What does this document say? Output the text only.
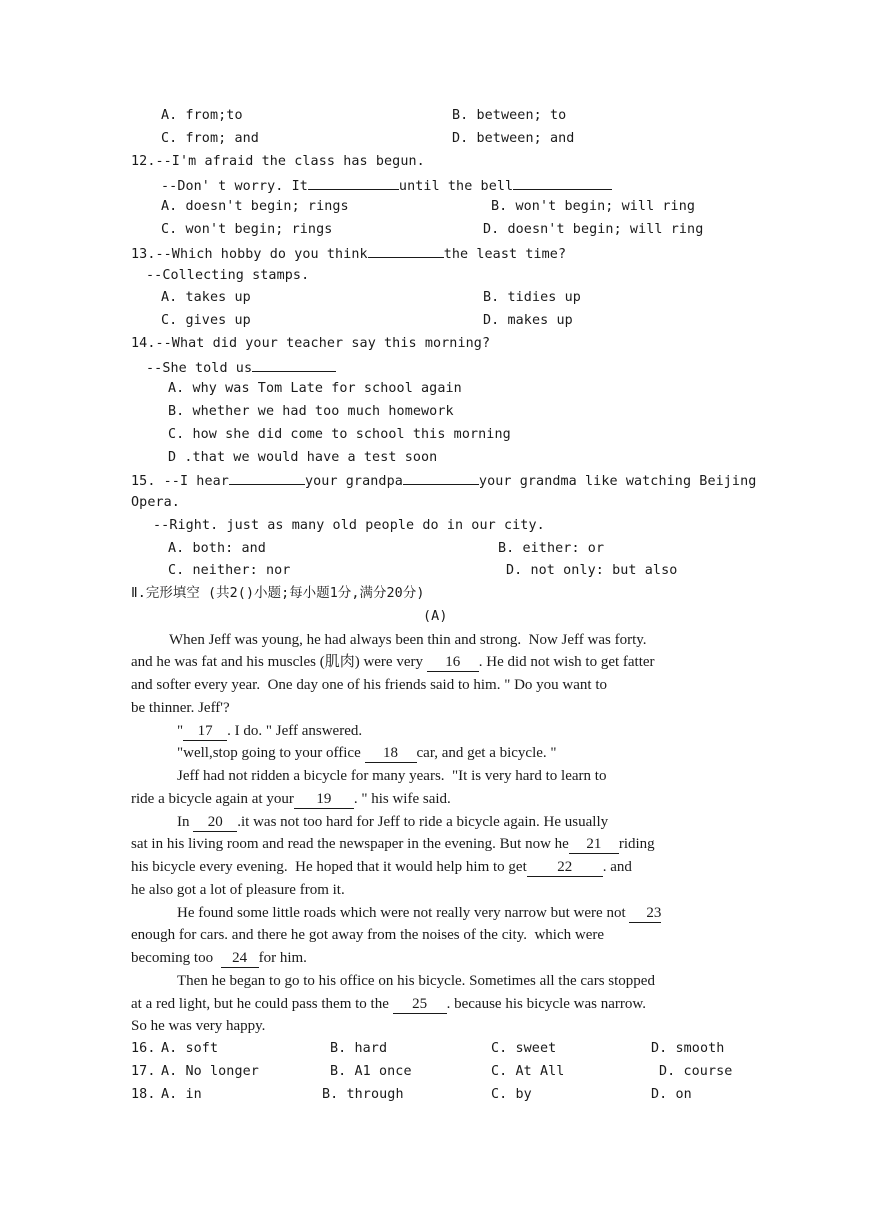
A. from;to	B. between; to
C. from; and	D. between; and
12.--I'm afraid the class has begun.
--Don' t worry. It	until the bell
A. doesn't begin; rings	B. won't begin; will ring
C. won't begin; rings	D. doesn't begin; will ring
13.--Which hobby do you think	the least time?
--Collecting stamps.
A. takes up	B. tidies up
C. gives up	D. makes up
14.--What did your teacher say this morning?
--She told us
A. why was Tom Late for school again
B. whether we had too much homework
C. how she did come to school this morning
D .that we would have a test soon
15. --I hear	your grandpa	your grandma like watching Beijing
Opera.
--Right. just as many old people do in our city.
A. both: and	B. either: or
C. neither: nor	D. not only: but also
Ⅱ.完形填空 (共2()小题;每小题1分,满分20分)
(A)
When Jeff was young, he had always been thin and strong.  Now Jeff was forty.
and he was fat and his muscles (肌肉) were very  16 . He did not wish to get fatter
and softer every year.  One day one of his friends said to him. " Do you want to
be thinner. Jeff'?
" 17 . I do. " Jeff answered.
"well,stop going to your office  18 car, and get a bicycle. "
Jeff had not ridden a bicycle for many years.  "It is very hard to learn to
ride a bicycle again at your  19  . " his wife said.
In  20 .it was not too hard for Jeff to ride a bicycle again. He usually
sat in his living room and read the newspaper in the evening. But now he 21 riding
his bicycle every evening.  He hoped that it would help him to get  22  . and
he also got a lot of pleasure from it.
He found some little roads which were not really very narrow but were not  23
enough for cars. and there he got away from the noises of the city.  which were
becoming too   24 for him.
Then he began to go to his office on his bicycle. Sometimes all the cars stopped
at a red light, but he could pass them to the  25 . because his bicycle was narrow.
So he was very happy.
16. A. soft	B. hard	C. sweet	D. smooth
17. A. No longer	B. A1 once	C. At All	D. course
18. A. in	B. through	C. by	D. on
